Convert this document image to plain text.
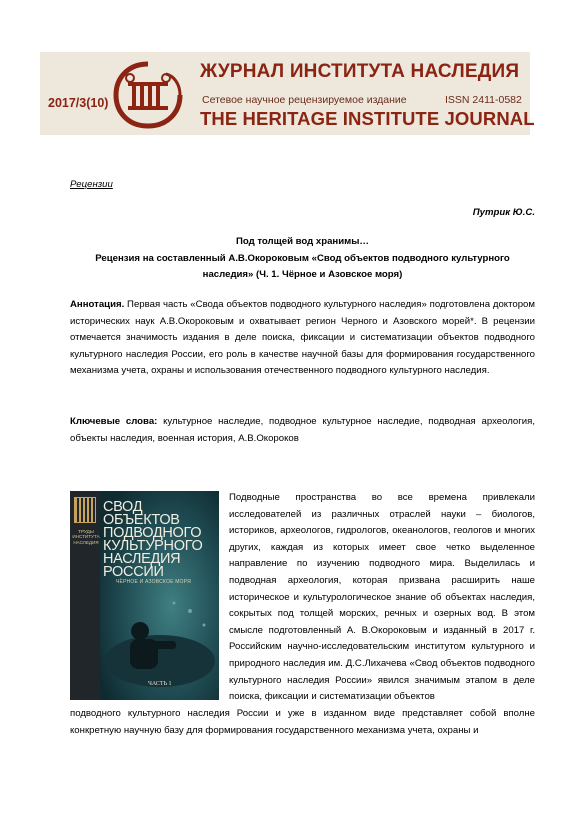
2017/3(10)
ЖУРНАЛ ИНСТИТУТА НАСЛЕДИЯ
Сетевое научное рецензируемое издание	ISSN 2411-0582
THE HERITAGE INSTITUTE JOURNAL
Рецензии
Путрик Ю.С.
Под толщей вод хранимы…
Рецензия на составленный А.В.Окороковым «Свод объектов подводного культурного
наследия» (Ч. 1. Чёрное и Азовское моря)
Аннотация. Первая часть «Свода объектов подводного культурного наследия» подготовлена доктором исторических наук А.В.Окороковым и охватывает регион Черного и Азовского морей*. В рецензии отмечается значимость издания в деле поиска, фиксации и систематизации объектов подводного культурного наследия России, его роль в качестве научной базы для формирования государственного механизма учета, охраны и использования отечественного подводного культурного наследия.
Ключевые слова: культурное наследие, подводное культурное наследие, подводная археология, объекты наследия, военная история, А.В.Окороков
ТРУДЫ ИНСТИТУТА НАСЛЕДИЯ
СВОД ОБЪЕКТОВ ПОДВОДНОГО КУЛЬТУРНОГО НАСЛЕДИЯ РОССИИ
ЧЁРНОЕ И АЗОВСКОЕ МОРЯ
ЧАСТЬ 1
Подводные пространства во все времена привлекали исследователей из различных отраслей науки – биологов, историков, археологов, гидрологов, океанологов, геологов и многих других, каждая из которых имеет свое четко выделенное направление по изучению подводного мира. Выделилась и подводная археология, которая призвана расширить наше историческое и культурологическое знание об объектах наследия, сокрытых под толщей морских, речных и озерных вод. В этом смысле подготовленный А. В.Окороковым и изданный в 2017 г. Российским научно-исследовательским институтом культурного и природного наследия им. Д.С.Лихачева «Свод объектов подводного культурного наследия России» явился значимым этапом в деле поиска, фиксации и систематизации объектов
подводного культурного наследия России и уже в изданном виде представляет собой вполне конкретную научную базу для формирования государственного механизма учета, охраны и
